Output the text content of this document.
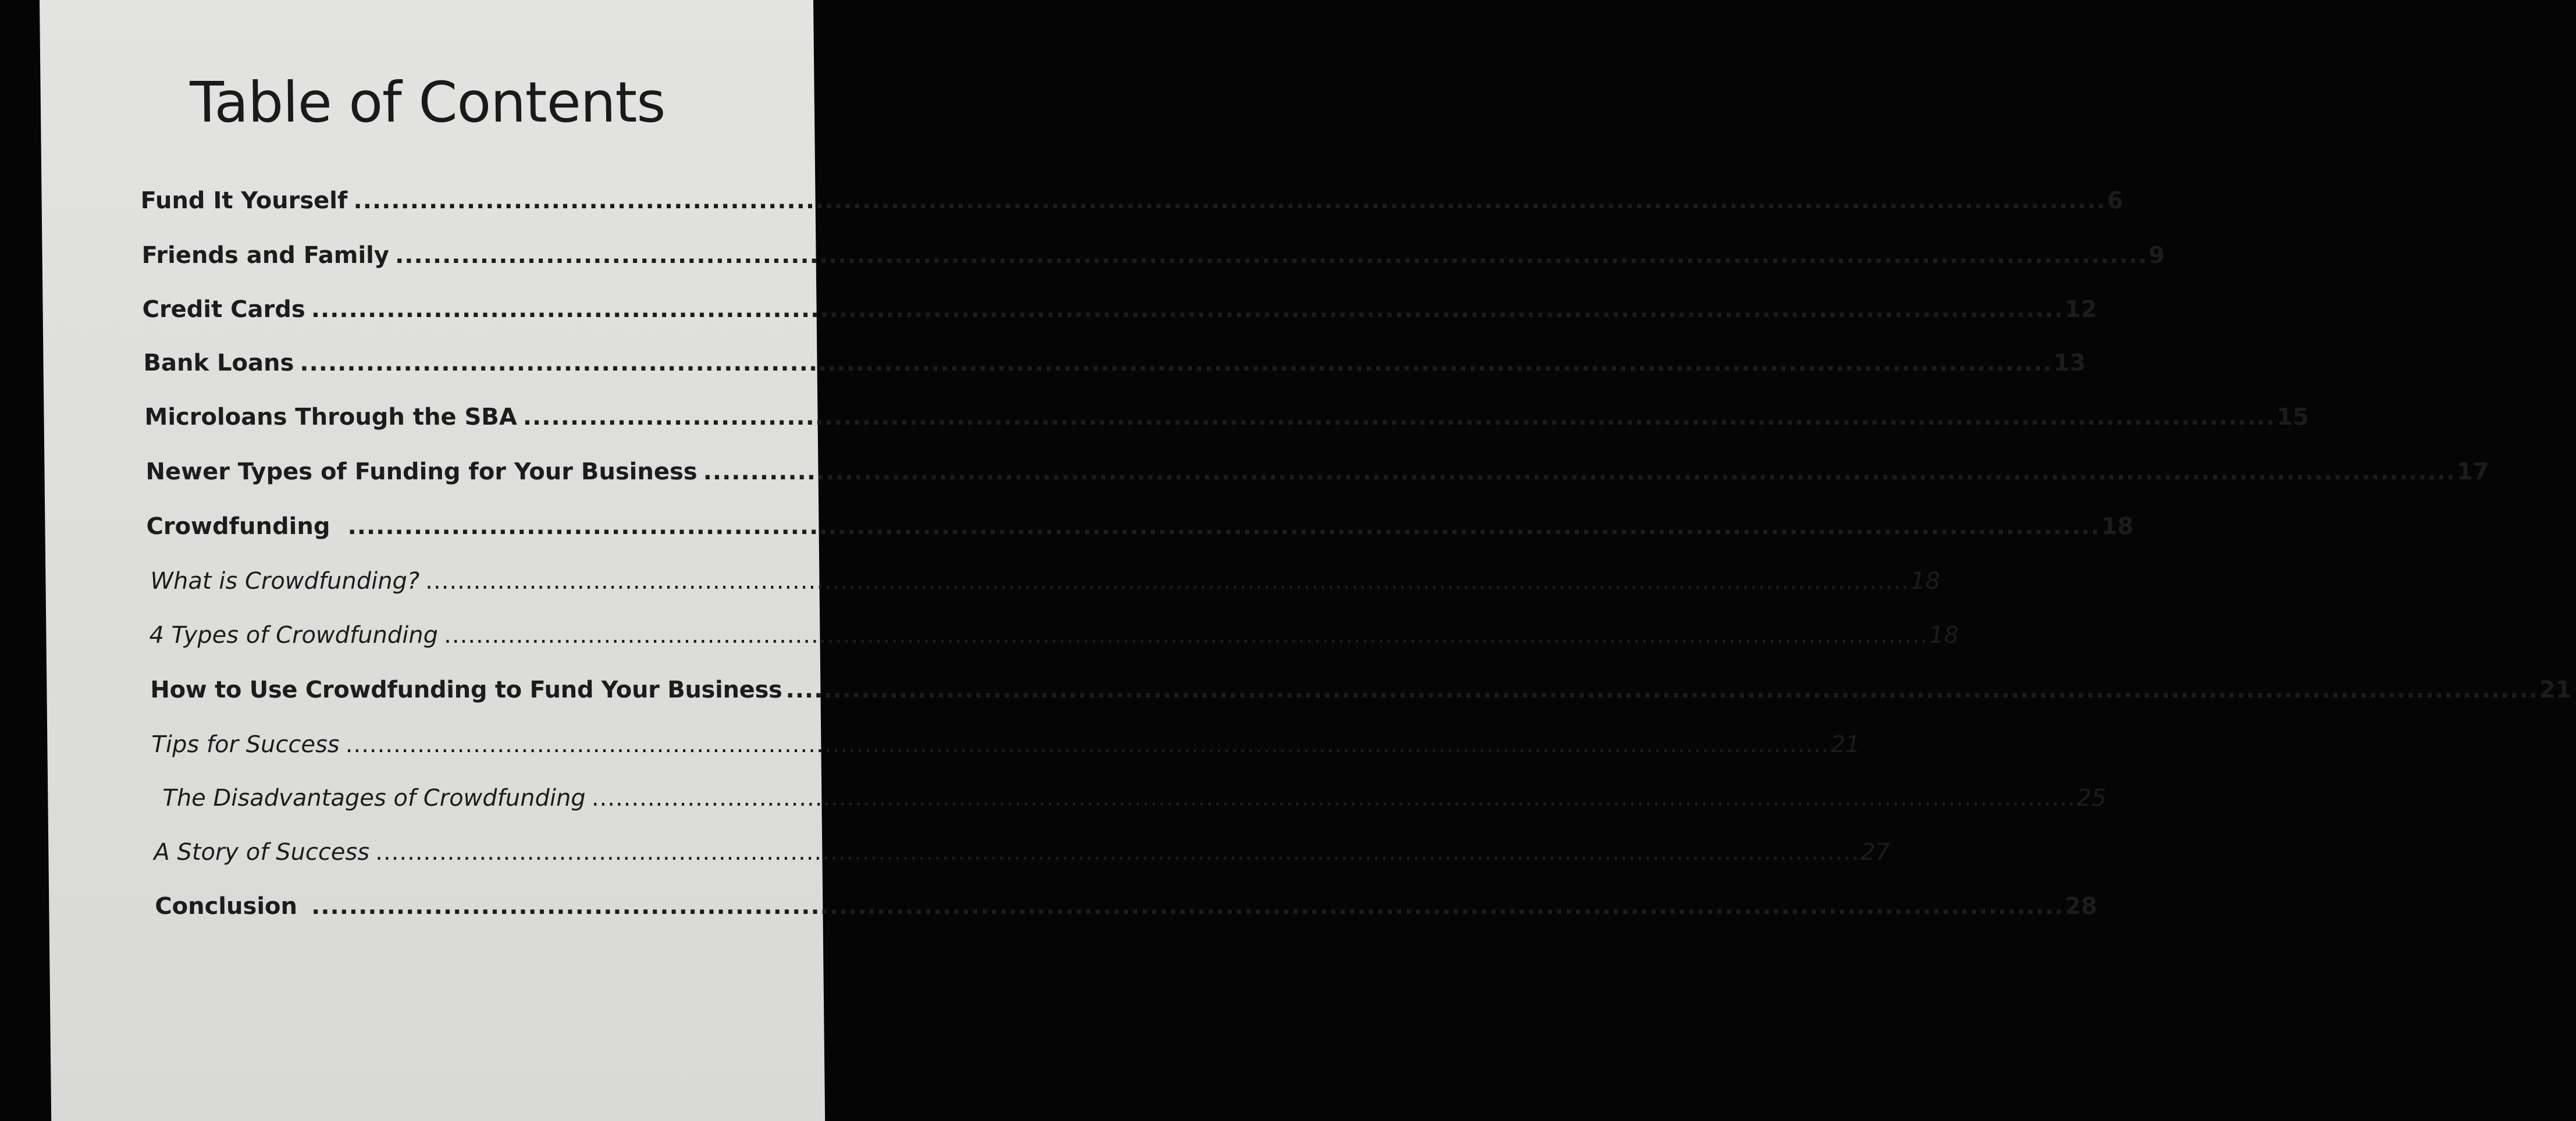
Table of Contents
Fund It Yourself .....	6
Friends and Family .....	9
Credit Cards .....	12
Bank Loans .....	13
Microloans Through the SBA .....	15
Newer Types of Funding for Your Business .....	17
Crowdfunding .....	18
What is Crowdfunding? .....	18
4 Types of Crowdfunding .....	18
How to Use Crowdfunding to Fund Your Business .....	21
Tips for Success .....	21
The Disadvantages of Crowdfunding .....	25
A Story of Success .....	27
Conclusion .....	28
